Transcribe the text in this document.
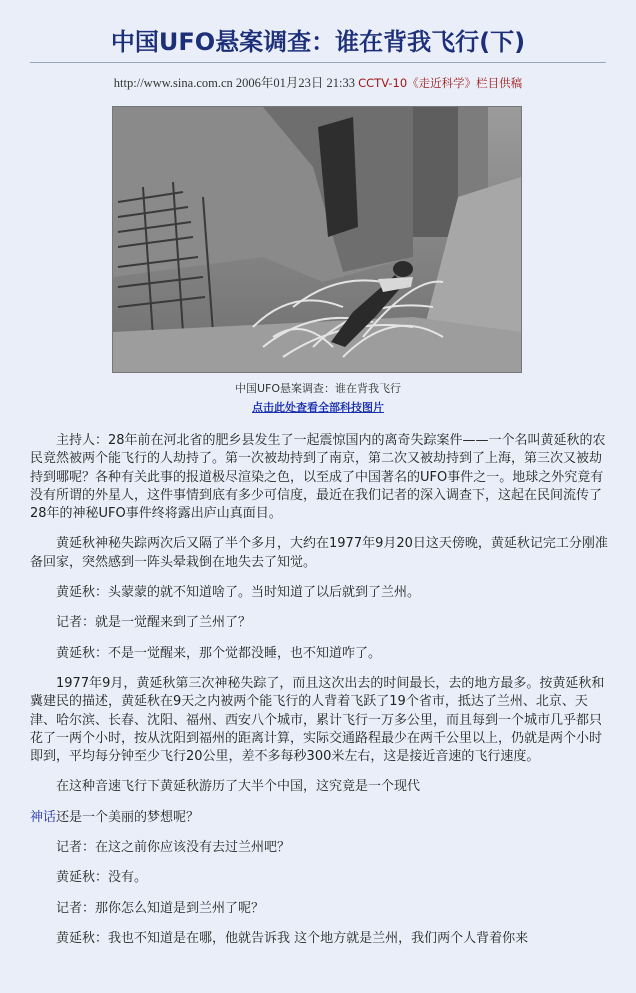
中国UFO悬案调查：谁在背我飞行(下)
http://www.sina.com.cn 2006年01月23日 21:33 CCTV-10《走近科学》栏目供稿
中国UFO悬案调查：谁在背我飞行
点击此处查看全部科技图片

主持人：28年前在河北省的肥乡县发生了一起震惊国内的离奇失踪案件——一个名叫黄延秋的农民竟然被两个能飞行的人劫持了。第一次被劫持到了南京，第二次又被劫持到了上海，第三次又被劫持到哪呢？各种有关此事的报道极尽渲染之色，以至成了中国著名的UFO事件之一。地球之外究竟有没有所谓的外星人，这件事情到底有多少可信度，最近在我们记者的深入调查下，这起在民间流传了28年的神秘UFO事件终将露出庐山真面目。

黄延秋神秘失踪两次后又隔了半个多月，大约在1977年9月20日这天傍晚，黄延秋记完工分刚准备回家，突然感到一阵头晕栽倒在地失去了知觉。

黄延秋：头蒙蒙的就不知道啥了。当时知道了以后就到了兰州。

记者：就是一觉醒来到了兰州了？

黄延秋：不是一觉醒来，那个觉都没睡，也不知道咋了。

1977年9月，黄延秋第三次神秘失踪了，而且这次出去的时间最长，去的地方最多。按黄延秋和冀建民的描述，黄延秋在9天之内被两个能飞行的人背着飞跃了19个省市，抵达了兰州、北京、天津、哈尔滨、长春、沈阳、福州、西安八个城市，累计飞行一万多公里，而且每到一个城市几乎都只花了一两个小时，按从沈阳到福州的距离计算，实际交通路程最少在两千公里以上，仍就是两个小时即到，平均每分钟至少飞行20公里，差不多每秒300米左右，这是接近音速的飞行速度。

在这种音速飞行下黄延秋游历了大半个中国，这究竟是一个现代

神话还是一个美丽的梦想呢？

记者：在这之前你应该没有去过兰州吧？

黄延秋：没有。

记者：那你怎么知道是到兰州了呢？

黄延秋：我也不知道是在哪，他就告诉我 这个地方就是兰州，我们两个人背着你来
